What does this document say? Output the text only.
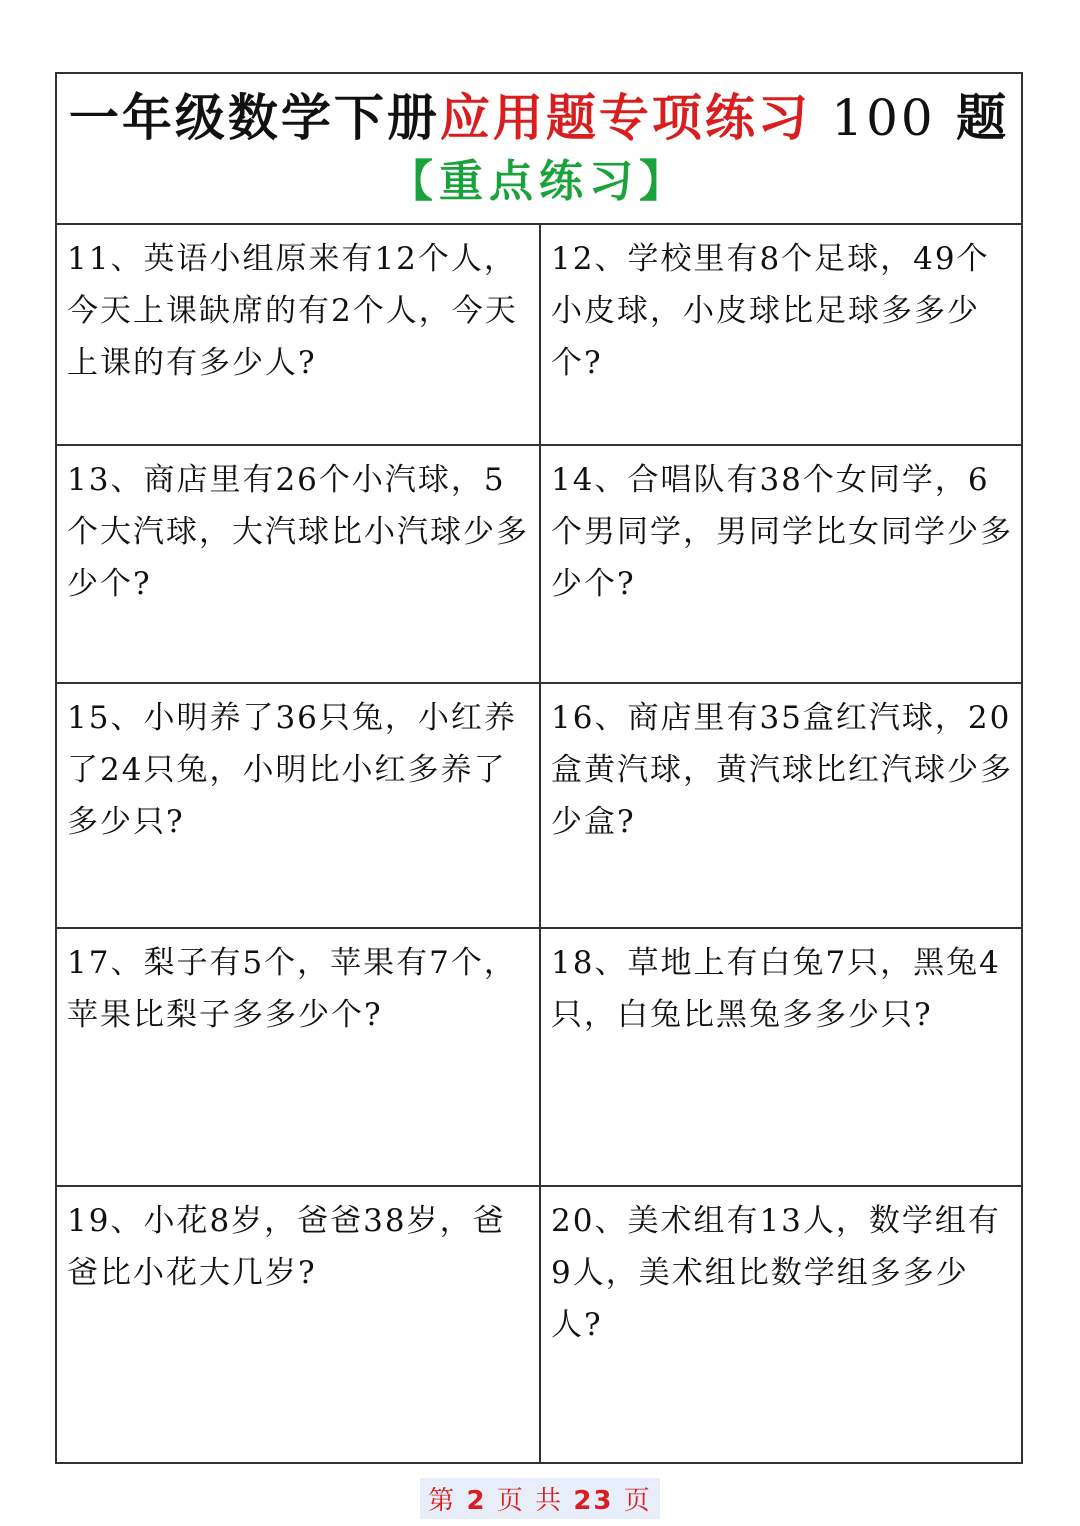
一年级数学下册应用题专项练习 100 题
【重点练习】
11、英语小组原来有12个人，今天上课缺席的有2个人，今天上课的有多少人?
12、学校里有8个足球，49个小皮球，小皮球比足球多多少个?
13、商店里有26个小汽球，5个大汽球，大汽球比小汽球少多少个?
14、合唱队有38个女同学，6个男同学，男同学比女同学少多少个?
15、小明养了36只兔，小红养了24只兔，小明比小红多养了多少只?
16、商店里有35盒红汽球，20盒黄汽球，黄汽球比红汽球少多少盒?
17、梨子有5个，苹果有7个，苹果比梨子多多少个?
18、草地上有白兔7只，黑兔4只，白兔比黑兔多多少只?
19、小花8岁，爸爸38岁，爸爸比小花大几岁?
20、美术组有13人，数学组有9人，美术组比数学组多多少人?
第 2 页 共 23 页
